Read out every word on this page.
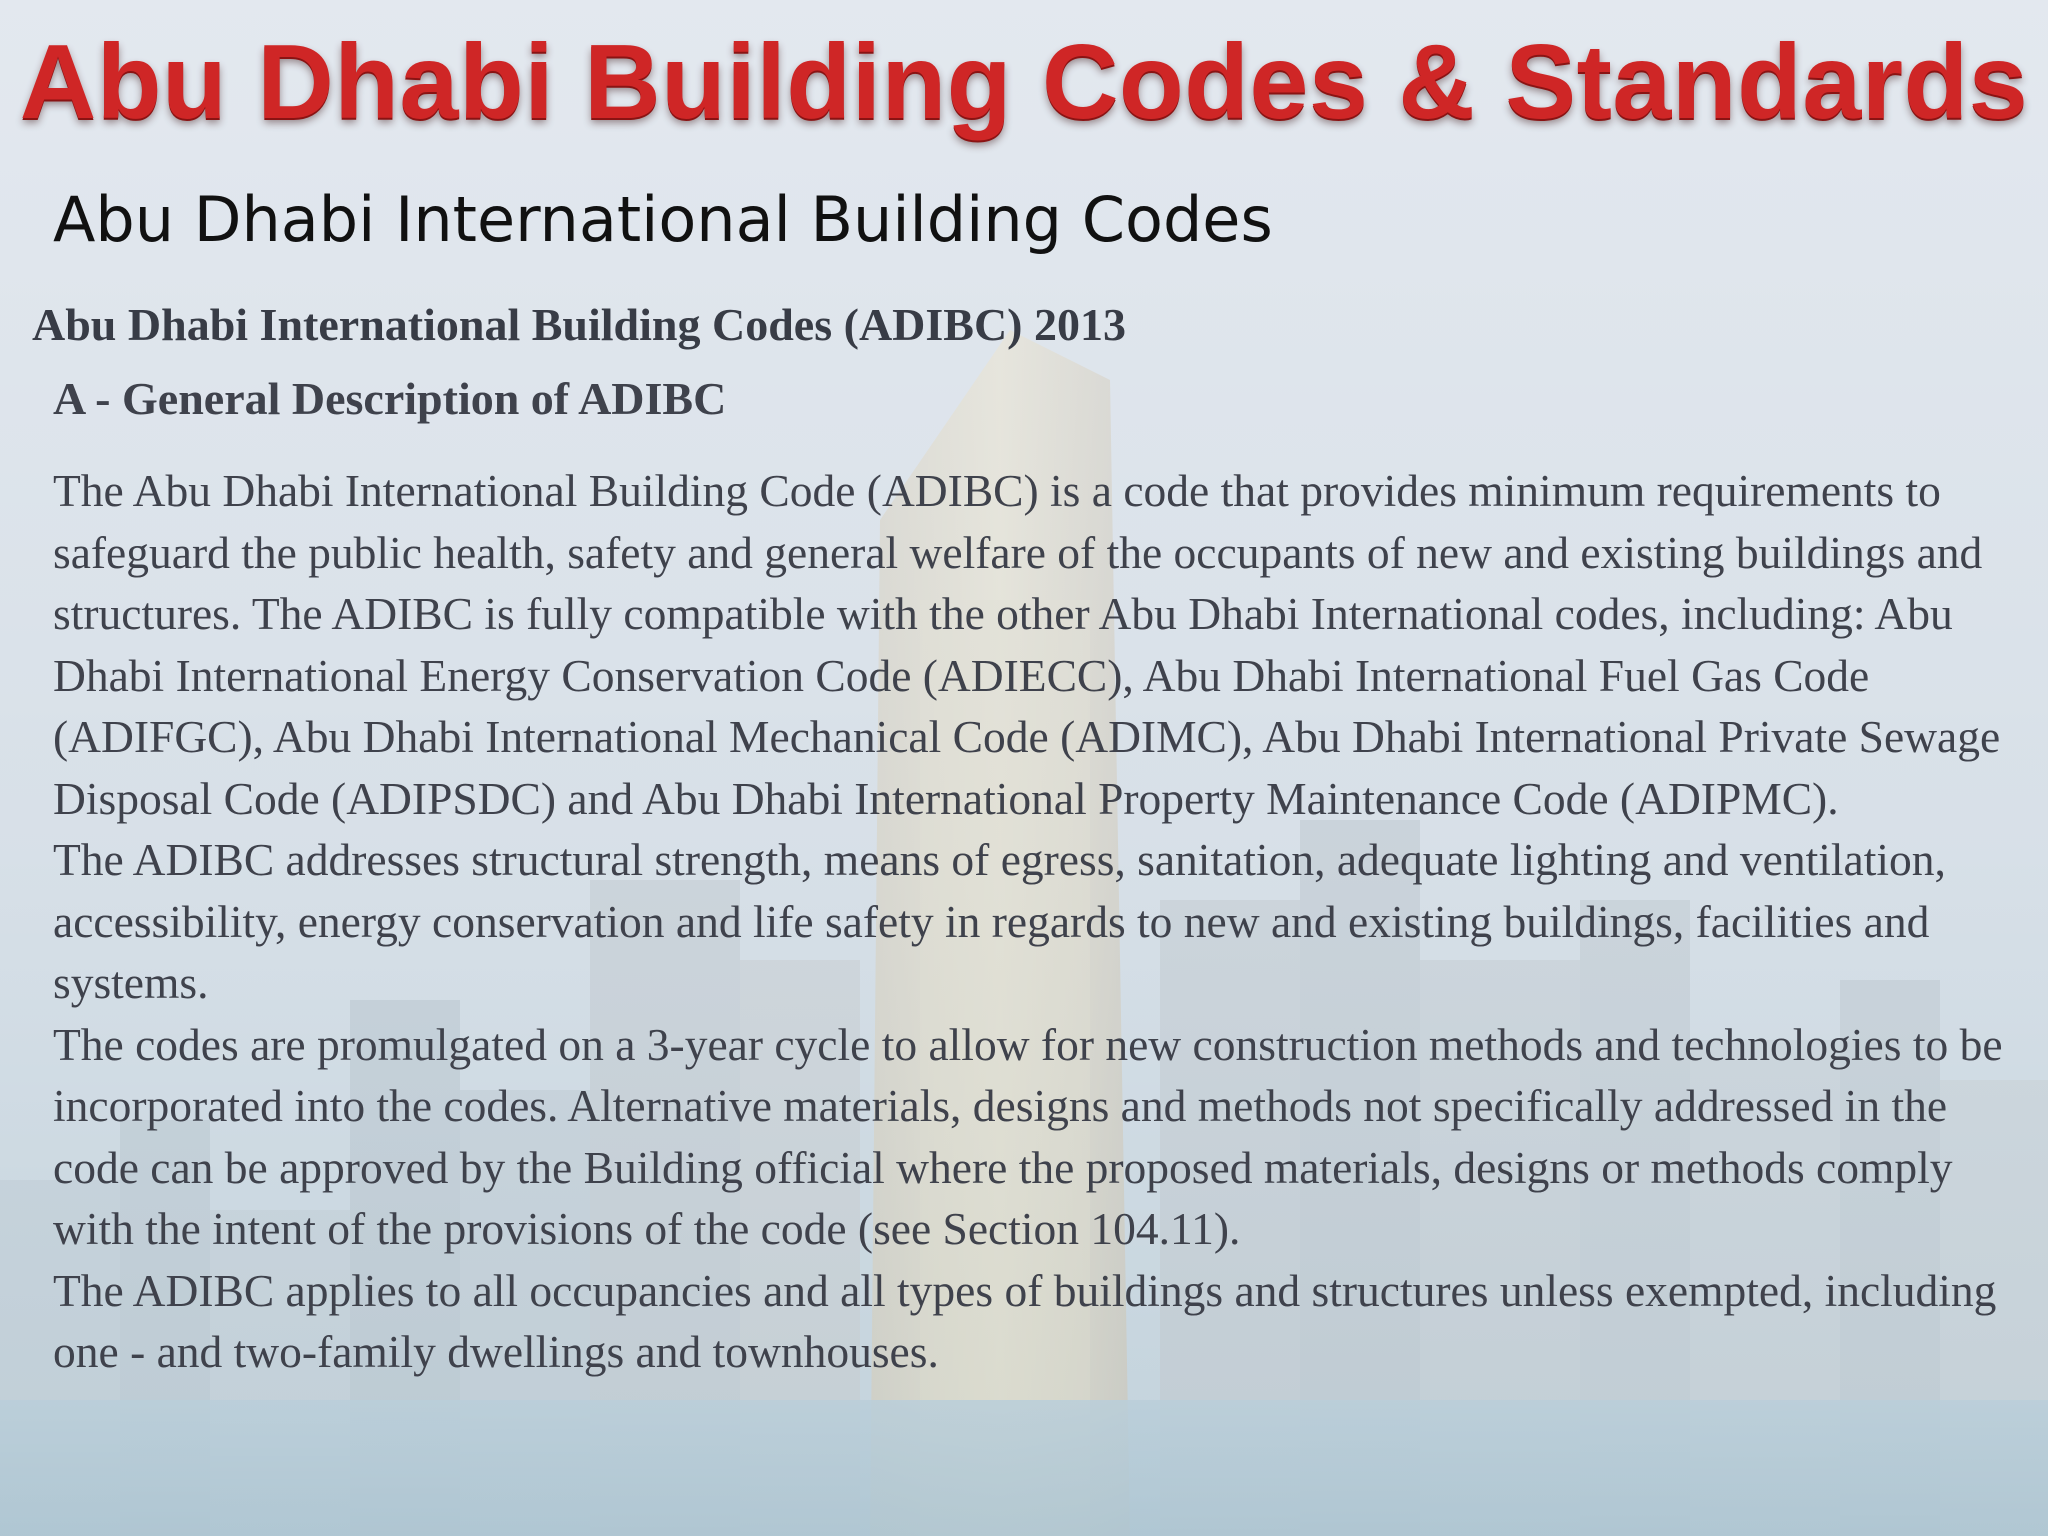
Abu Dhabi Building Codes & Standards
Abu Dhabi International Building Codes
Abu Dhabi International Building Codes (ADIBC) 2013
A - General Description of ADIBC

The Abu Dhabi International Building Code (ADIBC) is a code that provides minimum requirements to safeguard the public health, safety and general welfare of the occupants of new and existing buildings and structures. The ADIBC is fully compatible with the other Abu Dhabi International codes, including: Abu Dhabi International Energy Conservation Code (ADIECC), Abu Dhabi International Fuel Gas Code (ADIFGC), Abu Dhabi International Mechanical Code (ADIMC), Abu Dhabi International Private Sewage Disposal Code (ADIPSDC) and Abu Dhabi International Property Maintenance Code (ADIPMC).

The ADIBC addresses structural strength, means of egress, sanitation, adequate lighting and ventilation, accessibility, energy conservation and life safety in regards to new and existing buildings, facilities and systems.

The codes are promulgated on a 3-year cycle to allow for new construction methods and technologies to be incorporated into the codes. Alternative materials, designs and methods not specifically addressed in the code can be approved by the Building official where the proposed materials, designs or methods comply with the intent of the provisions of the code (see Section 104.11).

The ADIBC applies to all occupancies and all types of buildings and structures unless exempted, including one - and two-family dwellings and townhouses.
